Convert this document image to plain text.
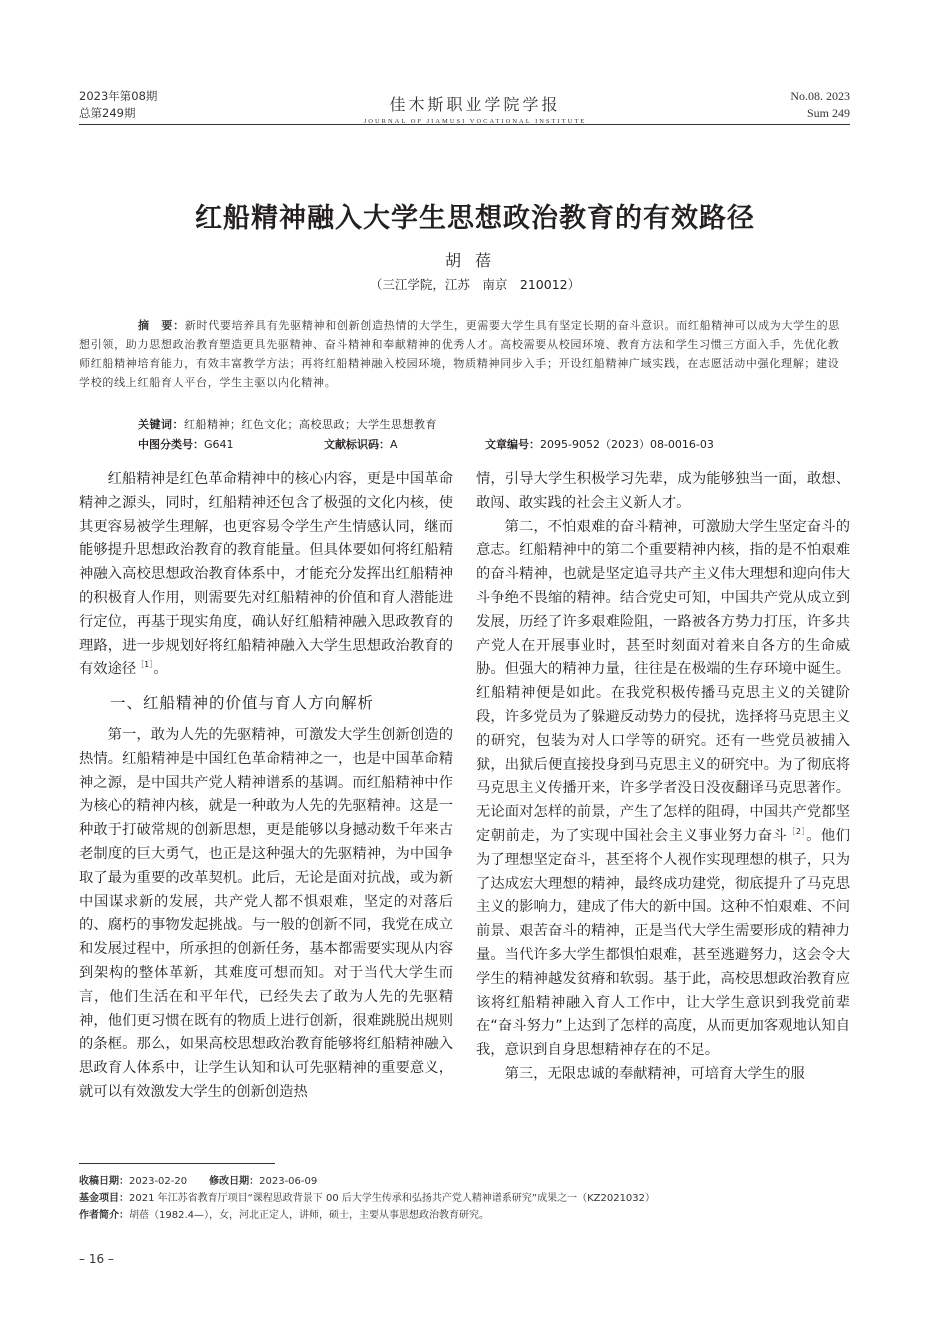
2023年第08期
总第249期	佳木斯职业学院学报
JOURNAL OF JIAMUSI VOCATIONAL INSTITUTE
No.08. 2023
Sum 249
红船精神融入大学生思想政治教育的有效路径
胡蓓
（三江学院，江苏　南京　210012）
摘　要：新时代要培养具有先驱精神和创新创造热情的大学生，更需要大学生具有坚定长期的奋斗意识。而红船精神可以成为大学生的思想引领，助力思想政治教育塑造更具先驱精神、奋斗精神和奉献精神的优秀人才。高校需要从校园环境、教育方法和学生习惯三方面入手，先优化教师红船精神培育能力，有效丰富教学方法；再将红船精神融入校园环境，物质精神同步入手；开设红船精神广域实践，在志愿活动中强化理解；建设学校的线上红船育人平台，学生主驱以内化精神。
关键词：红船精神；红色文化；高校思政；大学生思想教育
中图分类号：G641	文献标识码：A	文章编号：2095-9052（2023）08-0016-03

红船精神是红色革命精神中的核心内容，更是中国革命精神之源头，同时，红船精神还包含了极强的文化内核，使其更容易被学生理解，也更容易令学生产生情感认同，继而能够提升思想政治教育的教育能量。但具体要如何将红船精神融入高校思想政治教育体系中，才能充分发挥出红船精神的积极育人作用，则需要先对红船精神的价值和育人潜能进行定位，再基于现实角度，确认好红船精神融入思政教育的理路，进一步规划好将红船精神融入大学生思想政治教育的有效途径$^{[1]}$。

一、红船精神的价值与育人方向解析

第一，敢为人先的先驱精神，可激发大学生创新创造的热情。红船精神是中国红色革命精神之一，也是中国革命精神之源，是中国共产党人精神谱系的基调。而红船精神中作为核心的精神内核，就是一种敢为人先的先驱精神。这是一种敢于打破常规的创新思想，更是能够以身撼动数千年来古老制度的巨大勇气，也正是这种强大的先驱精神，为中国争取了最为重要的改革契机。此后，无论是面对抗战，或为新中国谋求新的发展，共产党人都不惧艰难，坚定的对落后的、腐朽的事物发起挑战。与一般的创新不同，我党在成立和发展过程中，所承担的创新任务，基本都需要实现从内容到架构的整体革新，其难度可想而知。对于当代大学生而言，他们生活在和平年代，已经失去了敢为人先的先驱精神，他们更习惯在既有的物质上进行创新，很难跳脱出规则的条框。那么，如果高校思想政治教育能够将红船精神融入思政育人体系中，让学生认知和认可先驱精神的重要意义，就可以有效激发大学生的创新创造热

情，引导大学生积极学习先辈，成为能够独当一面，敢想、敢闯、敢实践的社会主义新人才。

第二，不怕艰难的奋斗精神，可激励大学生坚定奋斗的意志。红船精神中的第二个重要精神内核，指的是不怕艰难的奋斗精神，也就是坚定追寻共产主义伟大理想和迎向伟大斗争绝不畏缩的精神。结合党史可知，中国共产党从成立到发展，历经了许多艰难险阻，一路被各方势力打压，许多共产党人在开展事业时，甚至时刻面对着来自各方的生命威胁。但强大的精神力量，往往是在极端的生存环境中诞生。红船精神便是如此。在我党积极传播马克思主义的关键阶段，许多党员为了躲避反动势力的侵扰，选择将马克思主义的研究，包装为对人口学等的研究。还有一些党员被捕入狱，出狱后便直接投身到马克思主义的研究中。为了彻底将马克思主义传播开来，许多学者没日没夜翻译马克思著作。无论面对怎样的前景，产生了怎样的阻碍，中国共产党都坚定朝前走，为了实现中国社会主义事业努力奋斗$^{[2]}$。他们为了理想坚定奋斗，甚至将个人视作实现理想的棋子，只为了达成宏大理想的精神，最终成功建党，彻底提升了马克思主义的影响力，建成了伟大的新中国。这种不怕艰难、不问前景、艰苦奋斗的精神，正是当代大学生需要形成的精神力量。当代许多大学生都惧怕艰难，甚至逃避努力，这会令大学生的精神越发贫瘠和软弱。基于此，高校思想政治教育应该将红船精神融入育人工作中，让大学生意识到我党前辈在“奋斗努力”上达到了怎样的高度，从而更加客观地认知自我，意识到自身思想精神存在的不足。

第三，无限忠诚的奉献精神，可培育大学生的服

收稿日期：2023-02-20 修改日期：2023-06-09
基金项目：2021 年江苏省教育厅项目“课程思政背景下 00 后大学生传承和弘扬共产党人精神谱系研究”成果之一（KZ2021032）
作者简介：胡蓓（1982.4—），女，河北正定人，讲师，硕士，主要从事思想政治教育研究。
– 16 –
